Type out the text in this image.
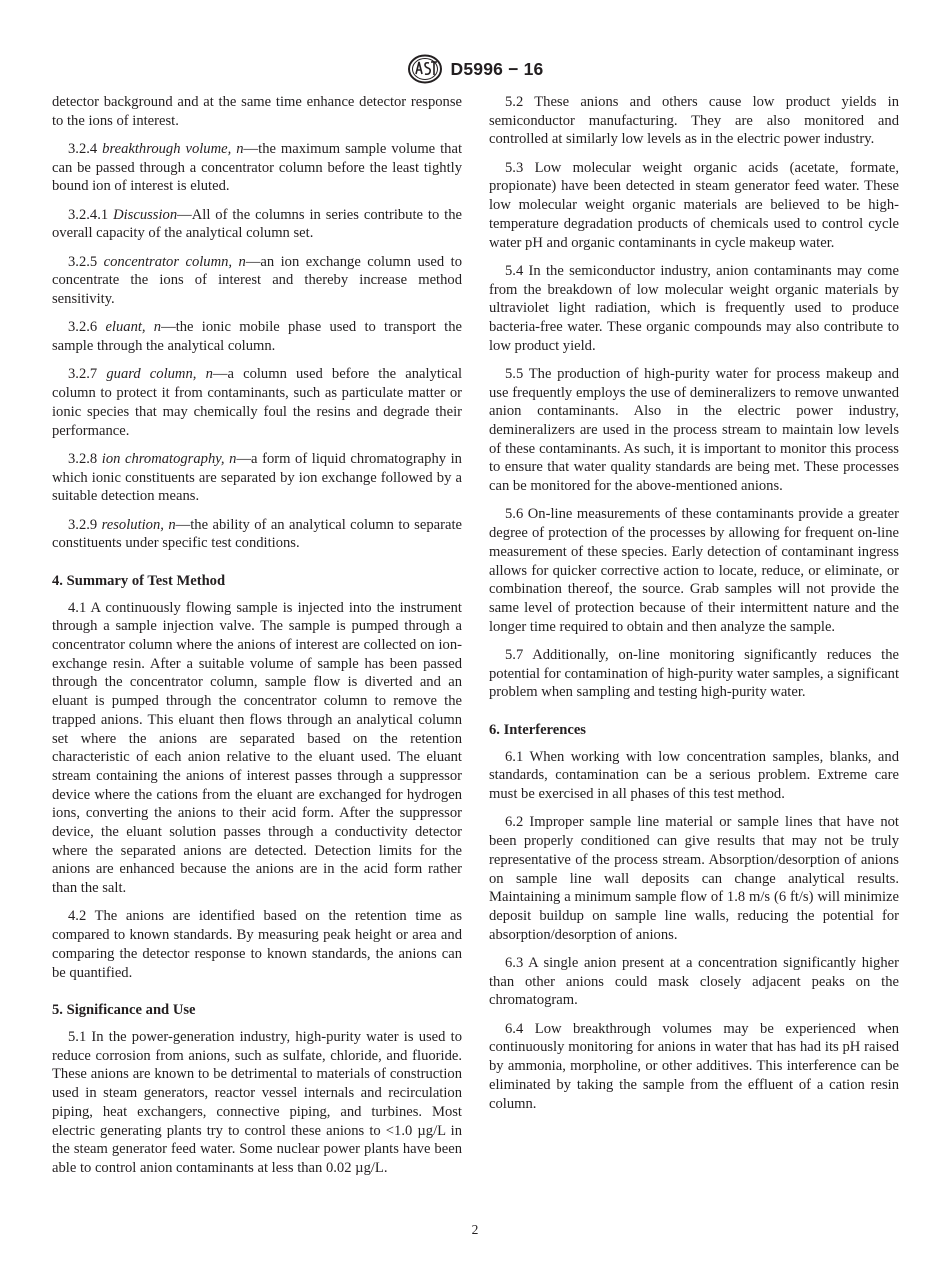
D5996 − 16

detector background and at the same time enhance detector response to the ions of interest.

3.2.4 breakthrough volume, n—the maximum sample volume that can be passed through a concentrator column before the least tightly bound ion of interest is eluted.

3.2.4.1 Discussion—All of the columns in series contribute to the overall capacity of the analytical column set.

3.2.5 concentrator column, n—an ion exchange column used to concentrate the ions of interest and thereby increase method sensitivity.

3.2.6 eluant, n—the ionic mobile phase used to transport the sample through the analytical column.

3.2.7 guard column, n—a column used before the analytical column to protect it from contaminants, such as particulate matter or ionic species that may chemically foul the resins and degrade their performance.

3.2.8 ion chromatography, n—a form of liquid chromatography in which ionic constituents are separated by ion exchange followed by a suitable detection means.

3.2.9 resolution, n—the ability of an analytical column to separate constituents under specific test conditions.

4. Summary of Test Method

4.1 A continuously flowing sample is injected into the instrument through a sample injection valve. The sample is pumped through a concentrator column where the anions of interest are collected on ion-exchange resin. After a suitable volume of sample has been passed through the concentrator column, sample flow is diverted and an eluant is pumped through the concentrator column to remove the trapped anions. This eluant then flows through an analytical column set where the anions are separated based on the retention characteristic of each anion relative to the eluant used. The eluant stream containing the anions of interest passes through a suppressor device where the cations from the eluant are exchanged for hydrogen ions, converting the anions to their acid form. After the suppressor device, the eluant solution passes through a conductivity detector where the separated anions are detected. Detection limits for the anions are enhanced because the anions are in the acid form rather than the salt.

4.2 The anions are identified based on the retention time as compared to known standards. By measuring peak height or area and comparing the detector response to known standards, the anions can be quantified.

5. Significance and Use

5.1 In the power-generation industry, high-purity water is used to reduce corrosion from anions, such as sulfate, chloride, and fluoride. These anions are known to be detrimental to materials of construction used in steam generators, reactor vessel internals and recirculation piping, heat exchangers, connective piping, and turbines. Most electric generating plants try to control these anions to <1.0 µg/L in the steam generator feed water. Some nuclear power plants have been able to control anion contaminants at less than 0.02 µg/L.

5.2 These anions and others cause low product yields in semiconductor manufacturing. They are also monitored and controlled at similarly low levels as in the electric power industry.

5.3 Low molecular weight organic acids (acetate, formate, propionate) have been detected in steam generator feed water. These low molecular weight organic materials are believed to be high-temperature degradation products of chemicals used to control cycle water pH and organic contaminants in cycle makeup water.

5.4 In the semiconductor industry, anion contaminants may come from the breakdown of low molecular weight organic materials by ultraviolet light radiation, which is frequently used to produce bacteria-free water. These organic compounds may also contribute to low product yield.

5.5 The production of high-purity water for process makeup and use frequently employs the use of demineralizers to remove unwanted anion contaminants. Also in the electric power industry, demineralizers are used in the process stream to maintain low levels of these contaminants. As such, it is important to monitor this process to ensure that water quality standards are being met. These processes can be monitored for the above-mentioned anions.

5.6 On-line measurements of these contaminants provide a greater degree of protection of the processes by allowing for frequent on-line measurement of these species. Early detection of contaminant ingress allows for quicker corrective action to locate, reduce, or eliminate, or combination thereof, the source. Grab samples will not provide the same level of protection because of their intermittent nature and the longer time required to obtain and then analyze the sample.

5.7 Additionally, on-line monitoring significantly reduces the potential for contamination of high-purity water samples, a significant problem when sampling and testing high-purity water.

6. Interferences

6.1 When working with low concentration samples, blanks, and standards, contamination can be a serious problem. Extreme care must be exercised in all phases of this test method.

6.2 Improper sample line material or sample lines that have not been properly conditioned can give results that may not be truly representative of the process stream. Absorption/desorption of anions on sample line wall deposits can change analytical results. Maintaining a minimum sample flow of 1.8 m/s (6 ft/s) will minimize deposit buildup on sample line walls, reducing the potential for absorption/desorption of anions.

6.3 A single anion present at a concentration significantly higher than other anions could mask closely adjacent peaks on the chromatogram.

6.4 Low breakthrough volumes may be experienced when continuously monitoring for anions in water that has had its pH raised by ammonia, morpholine, or other additives. This interference can be eliminated by taking the sample from the effluent of a cation resin column.

2
